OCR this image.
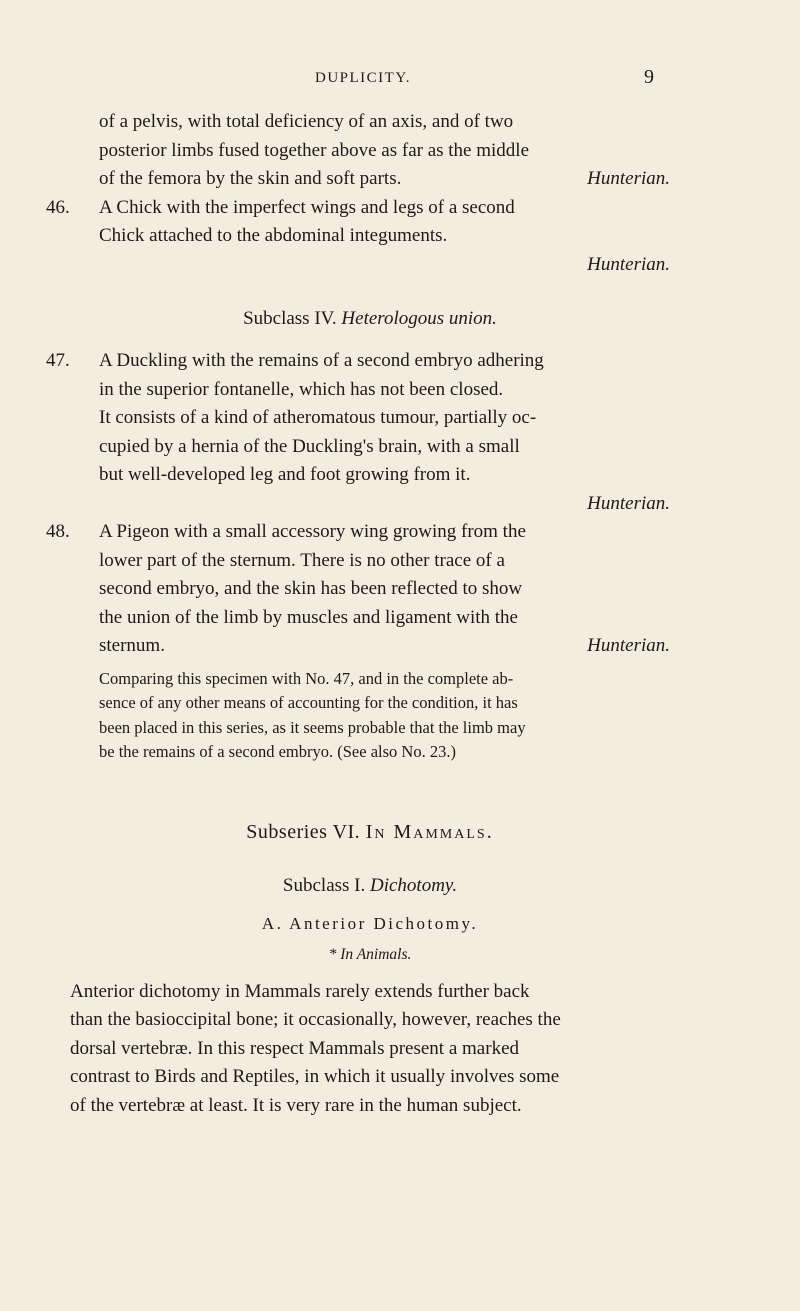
DUPLICITY.	9

of a pelvis, with total deficiency of an axis, and of two

posterior limbs fused together above as far as the middle

of the femora by the skin and soft parts.	Hunterian.

46. A Chick with the imperfect wings and legs of a second

Chick attached to the abdominal integuments.

Hunterian.
Subclass IV. Heterologous union.
47. A Duckling with the remains of a second embryo adhering

in the superior fontanelle, which has not been closed.

It consists of a kind of atheromatous tumour, partially oc-

cupied by a hernia of the Duckling's brain, with a small

but well-developed leg and foot growing from it.

Hunterian.
48. A Pigeon with a small accessory wing growing from the

lower part of the sternum. There is no other trace of a

second embryo, and the skin has been reflected to show

the union of the limb by muscles and ligament with the

sternum.	Hunterian.

Comparing this specimen with No. 47, and in the complete ab-
sence of any other means of accounting for the condition, it has
been placed in this series, as it seems probable that the limb may
be the remains of a second embryo. (See also No. 23.)
Subseries VI. In Mammals.
Subclass I. Dichotomy.
A. Anterior Dichotomy.
* In Animals.
Anterior dichotomy in Mammals rarely extends further back
than the basioccipital bone; it occasionally, however, reaches the
dorsal vertebræ. In this respect Mammals present a marked
contrast to Birds and Reptiles, in which it usually involves some
of the vertebræ at least. It is very rare in the human subject.
